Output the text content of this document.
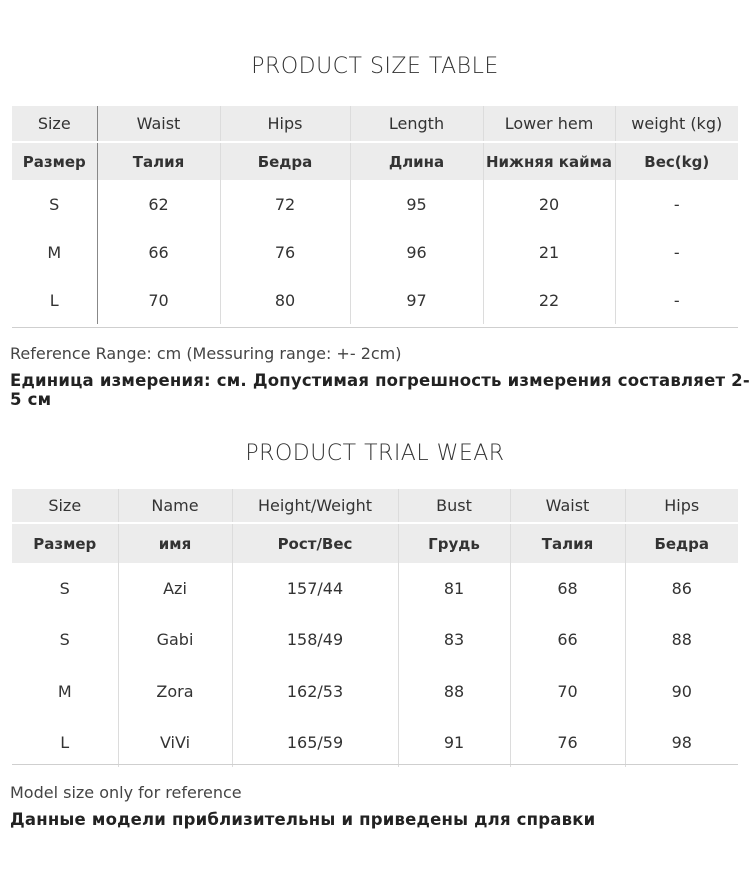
PRODUCT SIZE TABLE
Size	Waist	Hips	Length	Lower hem	weight (kg)
Размер	Талия	Бедра	Длина	Нижняя кайма	Вес(kg)
S	62	72	95	20	-
M	66	76	96	21	-
L	70	80	97	22	-
Reference Range: cm (Messuring range: +- 2cm)
Единица измерения: см. Допустимая погрешность измерения составляет 2-5 см
PRODUCT TRIAL WEAR
Size	Name	Height/Weight	Bust	Waist	Hips
Размер	имя	Рост/Вес	Грудь	Талия	Бедра
S	Azi	157/44	81	68	86
S	Gabi	158/49	83	66	88
M	Zora	162/53	88	70	90
L	ViVi	165/59	91	76	98
Model size only for reference
Данные модели приблизительны и приведены для справки
